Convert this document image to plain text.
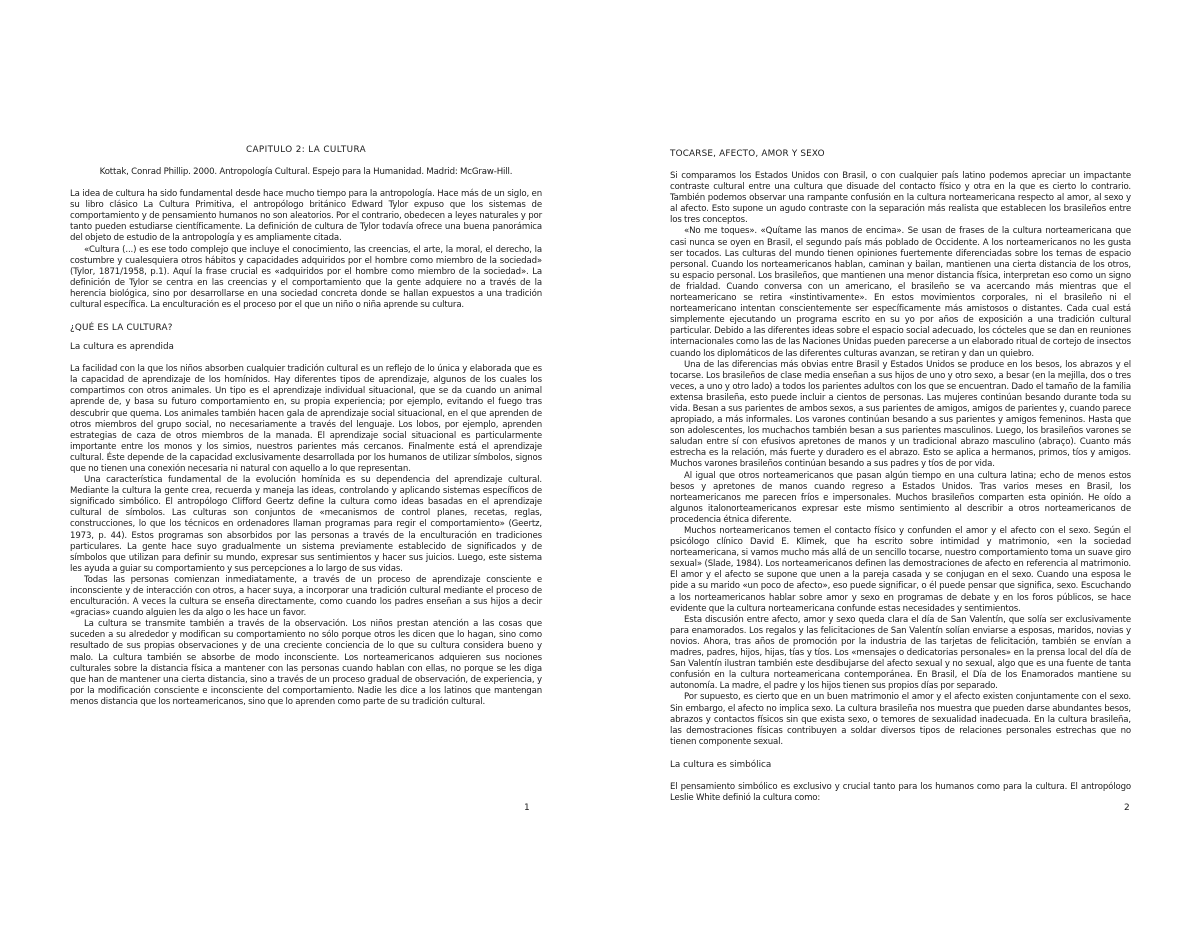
CAPITULO 2: LA CULTURA
Kottak, Conrad Phillip. 2000. Antropología Cultural. Espejo para la Humanidad. Madrid: McGraw-Hill.

La idea de cultura ha sido fundamental desde hace mucho tiempo para la antropología. Hace más de un siglo, en su libro clásico La Cultura Primitiva, el antropólogo británico Edward Tylor expuso que los sistemas de comportamiento y de pensamiento humanos no son aleatorios. Por el contrario, obedecen a leyes naturales y por tanto pueden estudiarse científicamente. La definición de cultura de Tylor todavía ofrece una buena panorámica del objeto de estudio de la antropología y es ampliamente citada.

«Cultura (...) es ese todo complejo que incluye el conocimiento, las creencias, el arte, la moral, el derecho, la costumbre y cualesquiera otros hábitos y capacidades adquiridos por el hombre como miembro de la sociedad» (Tylor, 1871/1958, p.1). Aquí la frase crucial es «adquiridos por el hombre como miembro de la sociedad». La definición de Tylor se centra en las creencias y el comportamiento que la gente adquiere no a través de la herencia biológica, sino por desarrollarse en una sociedad concreta donde se hallan expuestos a una tradición cultural específica. La enculturación es el proceso por el que un niño o niña aprende su cultura.

¿QUÉ ES LA CULTURA?
La cultura es aprendida

La facilidad con la que los niños absorben cualquier tradición cultural es un reflejo de lo única y elaborada que es la capacidad de aprendizaje de los homínidos. Hay diferentes tipos de aprendizaje, algunos de los cuales los compartimos con otros animales. Un tipo es el aprendizaje individual situacional, que se da cuando un animal aprende de, y basa su futuro comportamiento en, su propia experiencia; por ejemplo, evitando el fuego tras descubrir que quema. Los animales también hacen gala de aprendizaje social situacional, en el que aprenden de otros miembros del grupo social, no necesariamente a través del lenguaje. Los lobos, por ejemplo, aprenden estrategias de caza de otros miembros de la manada. El aprendizaje social situacional es particularmente importante entre los monos y los simios, nuestros parientes más cercanos. Finalmente está el aprendizaje cultural. Éste depende de la capacidad exclusivamente desarrollada por los humanos de utilizar símbolos, signos que no tienen una conexión necesaria ni natural con aquello a lo que representan.

Una característica fundamental de la evolución homínida es su dependencia del aprendizaje cultural. Mediante la cultura la gente crea, recuerda y maneja las ideas, controlando y aplicando sistemas específicos de significado simbólico. El antropólogo Clifford Geertz define la cultura como ideas basadas en el aprendizaje cultural de símbolos. Las culturas son conjuntos de «mecanismos de control planes, recetas, reglas, construcciones, lo que los técnicos en ordenadores llaman programas para regir el comportamiento» (Geertz, 1973, p. 44). Estos programas son absorbidos por las personas a través de la enculturación en tradiciones particulares. La gente hace suyo gradualmente un sistema previamente establecido de significados y de símbolos que utilizan para definir su mundo, expresar sus sentimientos y hacer sus juicios. Luego, este sistema les ayuda a guiar su comportamiento y sus percepciones a lo largo de sus vidas.

Todas las personas comienzan inmediatamente, a través de un proceso de aprendizaje consciente e inconsciente y de interacción con otros, a hacer suya, a incorporar una tradición cultural mediante el proceso de enculturación. A veces la cultura se enseña directamente, como cuando los padres enseñan a sus hijos a decir «gracias» cuando alguien les da algo o les hace un favor.

La cultura se transmite también a través de la observación. Los niños prestan atención a las cosas que suceden a su alrededor y modifican su comportamiento no sólo porque otros les dicen que lo hagan, sino como resultado de sus propias observaciones y de una creciente conciencia de lo que su cultura considera bueno y malo. La cultura también se absorbe de modo inconsciente. Los norteamericanos adquieren sus nociones culturales sobre la distancia física a mantener con las personas cuando hablan con ellas, no porque se les diga que han de mantener una cierta distancia, sino a través de un proceso gradual de observación, de experiencia, y por la modificación consciente e inconsciente del comportamiento. Nadie les dice a los latinos que mantengan menos distancia que los norteamericanos, sino que lo aprenden como parte de su tradición cultural.

1
TOCARSE, AFECTO, AMOR Y SEXO

Si comparamos los Estados Unidos con Brasil, o con cualquier país latino podemos apreciar un impactante contraste cultural entre una cultura que disuade del contacto físico y otra en la que es cierto lo contrario. También podemos observar una rampante confusión en la cultura norteamericana respecto al amor, al sexo y al afecto. Esto supone un agudo contraste con la separación más realista que establecen los brasileños entre los tres conceptos.

«No me toques». «Quítame las manos de encima». Se usan de frases de la cultura norteamericana que casi nunca se oyen en Brasil, el segundo país más poblado de Occidente. A los norteamericanos no les gusta ser tocados. Las culturas del mundo tienen opiniones fuertemente diferenciadas sobre los temas de espacio personal. Cuando los norteamericanos hablan, caminan y bailan, mantienen una cierta distancia de los otros, su espacio personal. Los brasileños, que mantienen una menor distancia física, interpretan eso como un signo de frialdad. Cuando conversa con un americano, el brasileño se va acercando más mientras que el norteamericano se retira «instintivamente». En estos movimientos corporales, ni el brasileño ni el norteamericano intentan conscientemente ser específicamente más amistosos o distantes. Cada cual está simplemente ejecutando un programa escrito en su yo por años de exposición a una tradición cultural particular. Debido a las diferentes ideas sobre el espacio social adecuado, los cócteles que se dan en reuniones internacionales como las de las Naciones Unidas pueden parecerse a un elaborado ritual de cortejo de insectos cuando los diplomáticos de las diferentes culturas avanzan, se retiran y dan un quiebro.

Una de las diferencias más obvias entre Brasil y Estados Unidos se produce en los besos, los abrazos y el tocarse. Los brasileños de clase media enseñan a sus hijos de uno y otro sexo, a besar (en la mejilla, dos o tres veces, a uno y otro lado) a todos los parientes adultos con los que se encuentran. Dado el tamaño de la familia extensa brasileña, esto puede incluir a cientos de personas. Las mujeres continúan besando durante toda su vida. Besan a sus parientes de ambos sexos, a sus parientes de amigos, amigos de parientes y, cuando parece apropiado, a más informales. Los varones continúan besando a sus parientes y amigos femeninos. Hasta que son adolescentes, los muchachos también besan a sus parientes masculinos. Luego, los brasileños varones se saludan entre sí con efusivos apretones de manos y un tradicional abrazo masculino (abraço). Cuanto más estrecha es la relación, más fuerte y duradero es el abrazo. Esto se aplica a hermanos, primos, tíos y amigos. Muchos varones brasileños continúan besando a sus padres y tíos de por vida.

Al igual que otros norteamericanos que pasan algún tiempo en una cultura latina; echo de menos estos besos y apretones de manos cuando regreso a Estados Unidos. Tras varios meses en Brasil, los norteamericanos me parecen fríos e impersonales. Muchos brasileños comparten esta opinión. He oído a algunos italonorteamericanos expresar este mismo sentimiento al describir a otros norteamericanos de procedencia étnica diferente.

Muchos norteamericanos temen el contacto físico y confunden el amor y el afecto con el sexo. Según el psicólogo clínico David E. Klimek, que ha escrito sobre intimidad y matrimonio, «en la sociedad norteamericana, si vamos mucho más allá de un sencillo tocarse, nuestro comportamiento toma un suave giro sexual» (Slade, 1984). Los norteamericanos definen las demostraciones de afecto en referencia al matrimonio. El amor y el afecto se supone que unen a la pareja casada y se conjugan en el sexo. Cuando una esposa le pide a su marido «un poco de afecto», eso puede significar, o él puede pensar que significa, sexo. Escuchando a los norteamericanos hablar sobre amor y sexo en programas de debate y en los foros públicos, se hace evidente que la cultura norteamericana confunde estas necesidades y sentimientos.

Esta discusión entre afecto, amor y sexo queda clara el día de San Valentín, que solía ser exclusivamente para enamorados. Los regalos y las felicitaciones de San Valentín solían enviarse a esposas, maridos, novias y novios. Ahora, tras años de promoción por la industria de las tarjetas de felicitación, también se envían a madres, padres, hijos, hijas, tías y tíos. Los «mensajes o dedicatorias personales» en la prensa local del día de San Valentín ilustran también este desdibujarse del afecto sexual y no sexual, algo que es una fuente de tanta confusión en la cultura norteamericana contemporánea. En Brasil, el Día de los Enamorados mantiene su autonomía. La madre, el padre y los hijos tienen sus propios días por separado.

Por supuesto, es cierto que en un buen matrimonio el amor y el afecto existen conjuntamente con el sexo. Sin embargo, el afecto no implica sexo. La cultura brasileña nos muestra que pueden darse abundantes besos, abrazos y contactos físicos sin que exista sexo, o temores de sexualidad inadecuada. En la cultura brasileña, las demostraciones físicas contribuyen a soldar diversos tipos de relaciones personales estrechas que no tienen componente sexual.

La cultura es simbólica

El pensamiento simbólico es exclusivo y crucial tanto para los humanos como para la cultura. El antropólogo Leslie White definió la cultura como:

2
